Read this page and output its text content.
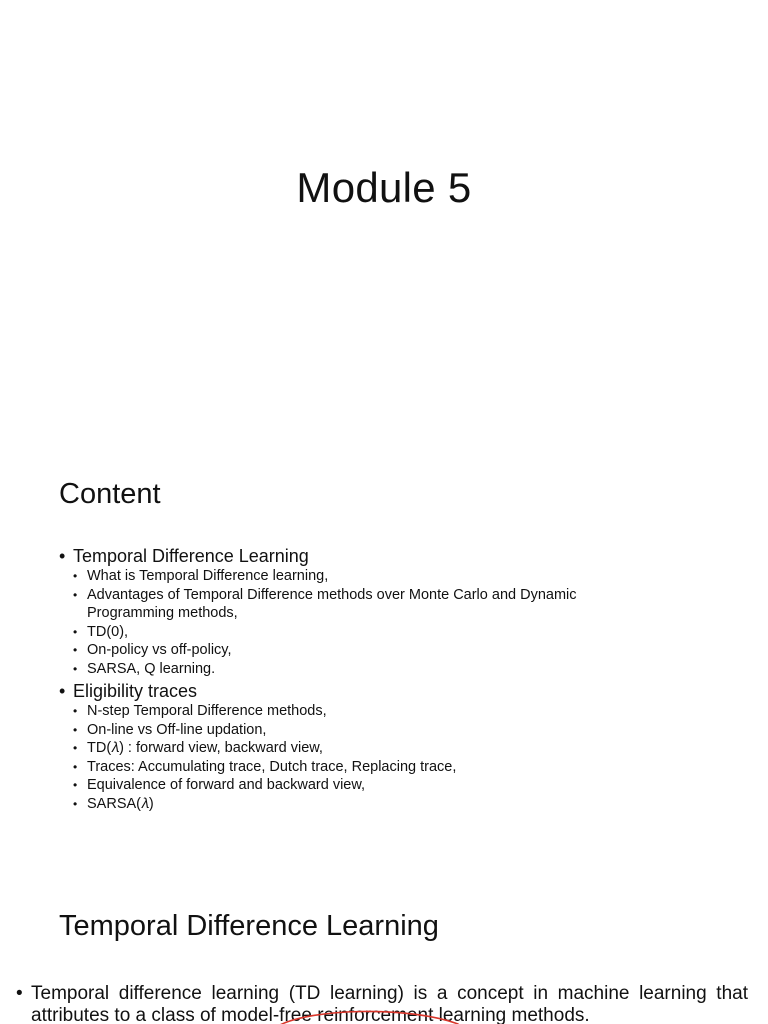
Module 5
Content
• Temporal Difference Learning
• What is Temporal Difference learning,
• Advantages of Temporal Difference methods over Monte Carlo and Dynamic Programming methods,
• TD(0),
• On-policy vs off-policy,
• SARSA, Q learning.
• Eligibility traces
• N-step Temporal Difference methods,
• On-line vs Off-line updation,
• TD(𝜆) : forward view, backward view,
• Traces: Accumulating trace, Dutch trace, Replacing trace,
• Equivalence of forward and backward view,
• SARSA(𝜆)
Temporal Difference Learning
• Temporal difference learning (TD learning) is a concept in machine learning that attributes to a class of model-free reinforcement learning methods.
